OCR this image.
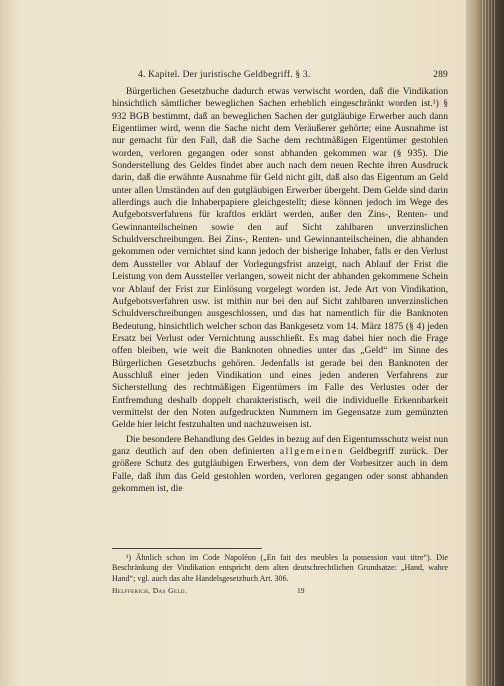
4. Kapitel. Der juristische Geldbegriff. § 3.	289

Bürgerlichen Gesetzbuche dadurch etwas verwischt worden, daß die Vindikation hinsichtlich sämtlicher beweglichen Sachen erheblich eingeschränkt worden ist.¹) § 932 BGB bestimmt, daß an beweglichen Sachen der gutgläubige Erwerber auch dann Eigentümer wird, wenn die Sache nicht dem Veräußerer gehörte; eine Ausnahme ist nur gemacht für den Fall, daß die Sache dem rechtmäßigen Eigentümer gestohlen worden, verloren gegangen oder sonst abhanden gekommen war (§ 935). Die Sonderstellung des Geldes findet aber auch nach dem neuen Rechte ihren Ausdruck darin, daß die erwähnte Ausnahme für Geld nicht gilt, daß also das Eigentum an Geld unter allen Umständen auf den gutgläubigen Erwerber übergeht. Dem Gelde sind darin allerdings auch die Inhaberpapiere gleichgestellt; diese können jedoch im Wege des Aufgebotsverfahrens für kraftlos erklärt werden, außer den Zins-, Renten- und Gewinnanteilscheinen sowie den auf Sicht zahlbaren unverzinslichen Schuldverschreibungen. Bei Zins-, Renten- und Gewinnanteilscheinen, die abhanden gekommen oder vernichtet sind kann jedoch der bisherige Inhaber, falls er den Verlust dem Aussteller vor Ablauf der Vorlegungsfrist anzeigt, nach Ablauf der Frist die Leistung von dem Aussteller verlangen, soweit nicht der abhanden gekommene Schein vor Ablauf der Frist zur Einlösung vorgelegt worden ist. Jede Art von Vindikation, Aufgebotsverfahren usw. ist mithin nur bei den auf Sicht zahlbaren unverzinslichen Schuldverschreibungen ausgeschlossen, und das hat namentlich für die Banknoten Bedeutung, hinsichtlich welcher schon das Bankgesetz vom 14. März 1875 (§ 4) jeden Ersatz bei Verlust oder Vernichtung ausschließt. Es mag dabei hier noch die Frage offen bleiben, wie weit die Banknoten ohnedies unter das „Geld“ im Sinne des Bürgerlichen Gesetzbuchs gehören. Jedenfalls ist gerade bei den Banknoten der Ausschluß einer jeden Vindikation und eines jeden anderen Verfahrens zur Sicherstellung des rechtmäßigen Eigentümers im Falle des Verlustes oder der Entfremdung deshalb doppelt charakteristisch, weil die individuelle Erkennbarkeit vermittelst der den Noten aufgedruckten Nummern im Gegensatze zum gemünzten Gelde hier leicht festzuhalten und nachzuweisen ist.

Die besondere Behandlung des Geldes in bezug auf den Eigentumsschutz weist nun ganz deutlich auf den oben definierten allgemeinen Geldbegriff zurück. Der größere Schutz des gutgläubigen Erwerbers, von dem der Vorbesitzer auch in dem Falle, daß ihm das Geld gestohlen worden, verloren gegangen oder sonst abhanden gekommen ist, die

¹) Ähnlich schon im Code Napoléon („En fait des meubles la possession vaut titre“). Die Beschränkung der Vindikation entspricht dem alten deutschrechtlichen Grundsatze: „Hand, wahre Hand“; vgl. auch das alte Handelsgesetzbuch Art. 306.
Helfferich, Das Geld.	19
